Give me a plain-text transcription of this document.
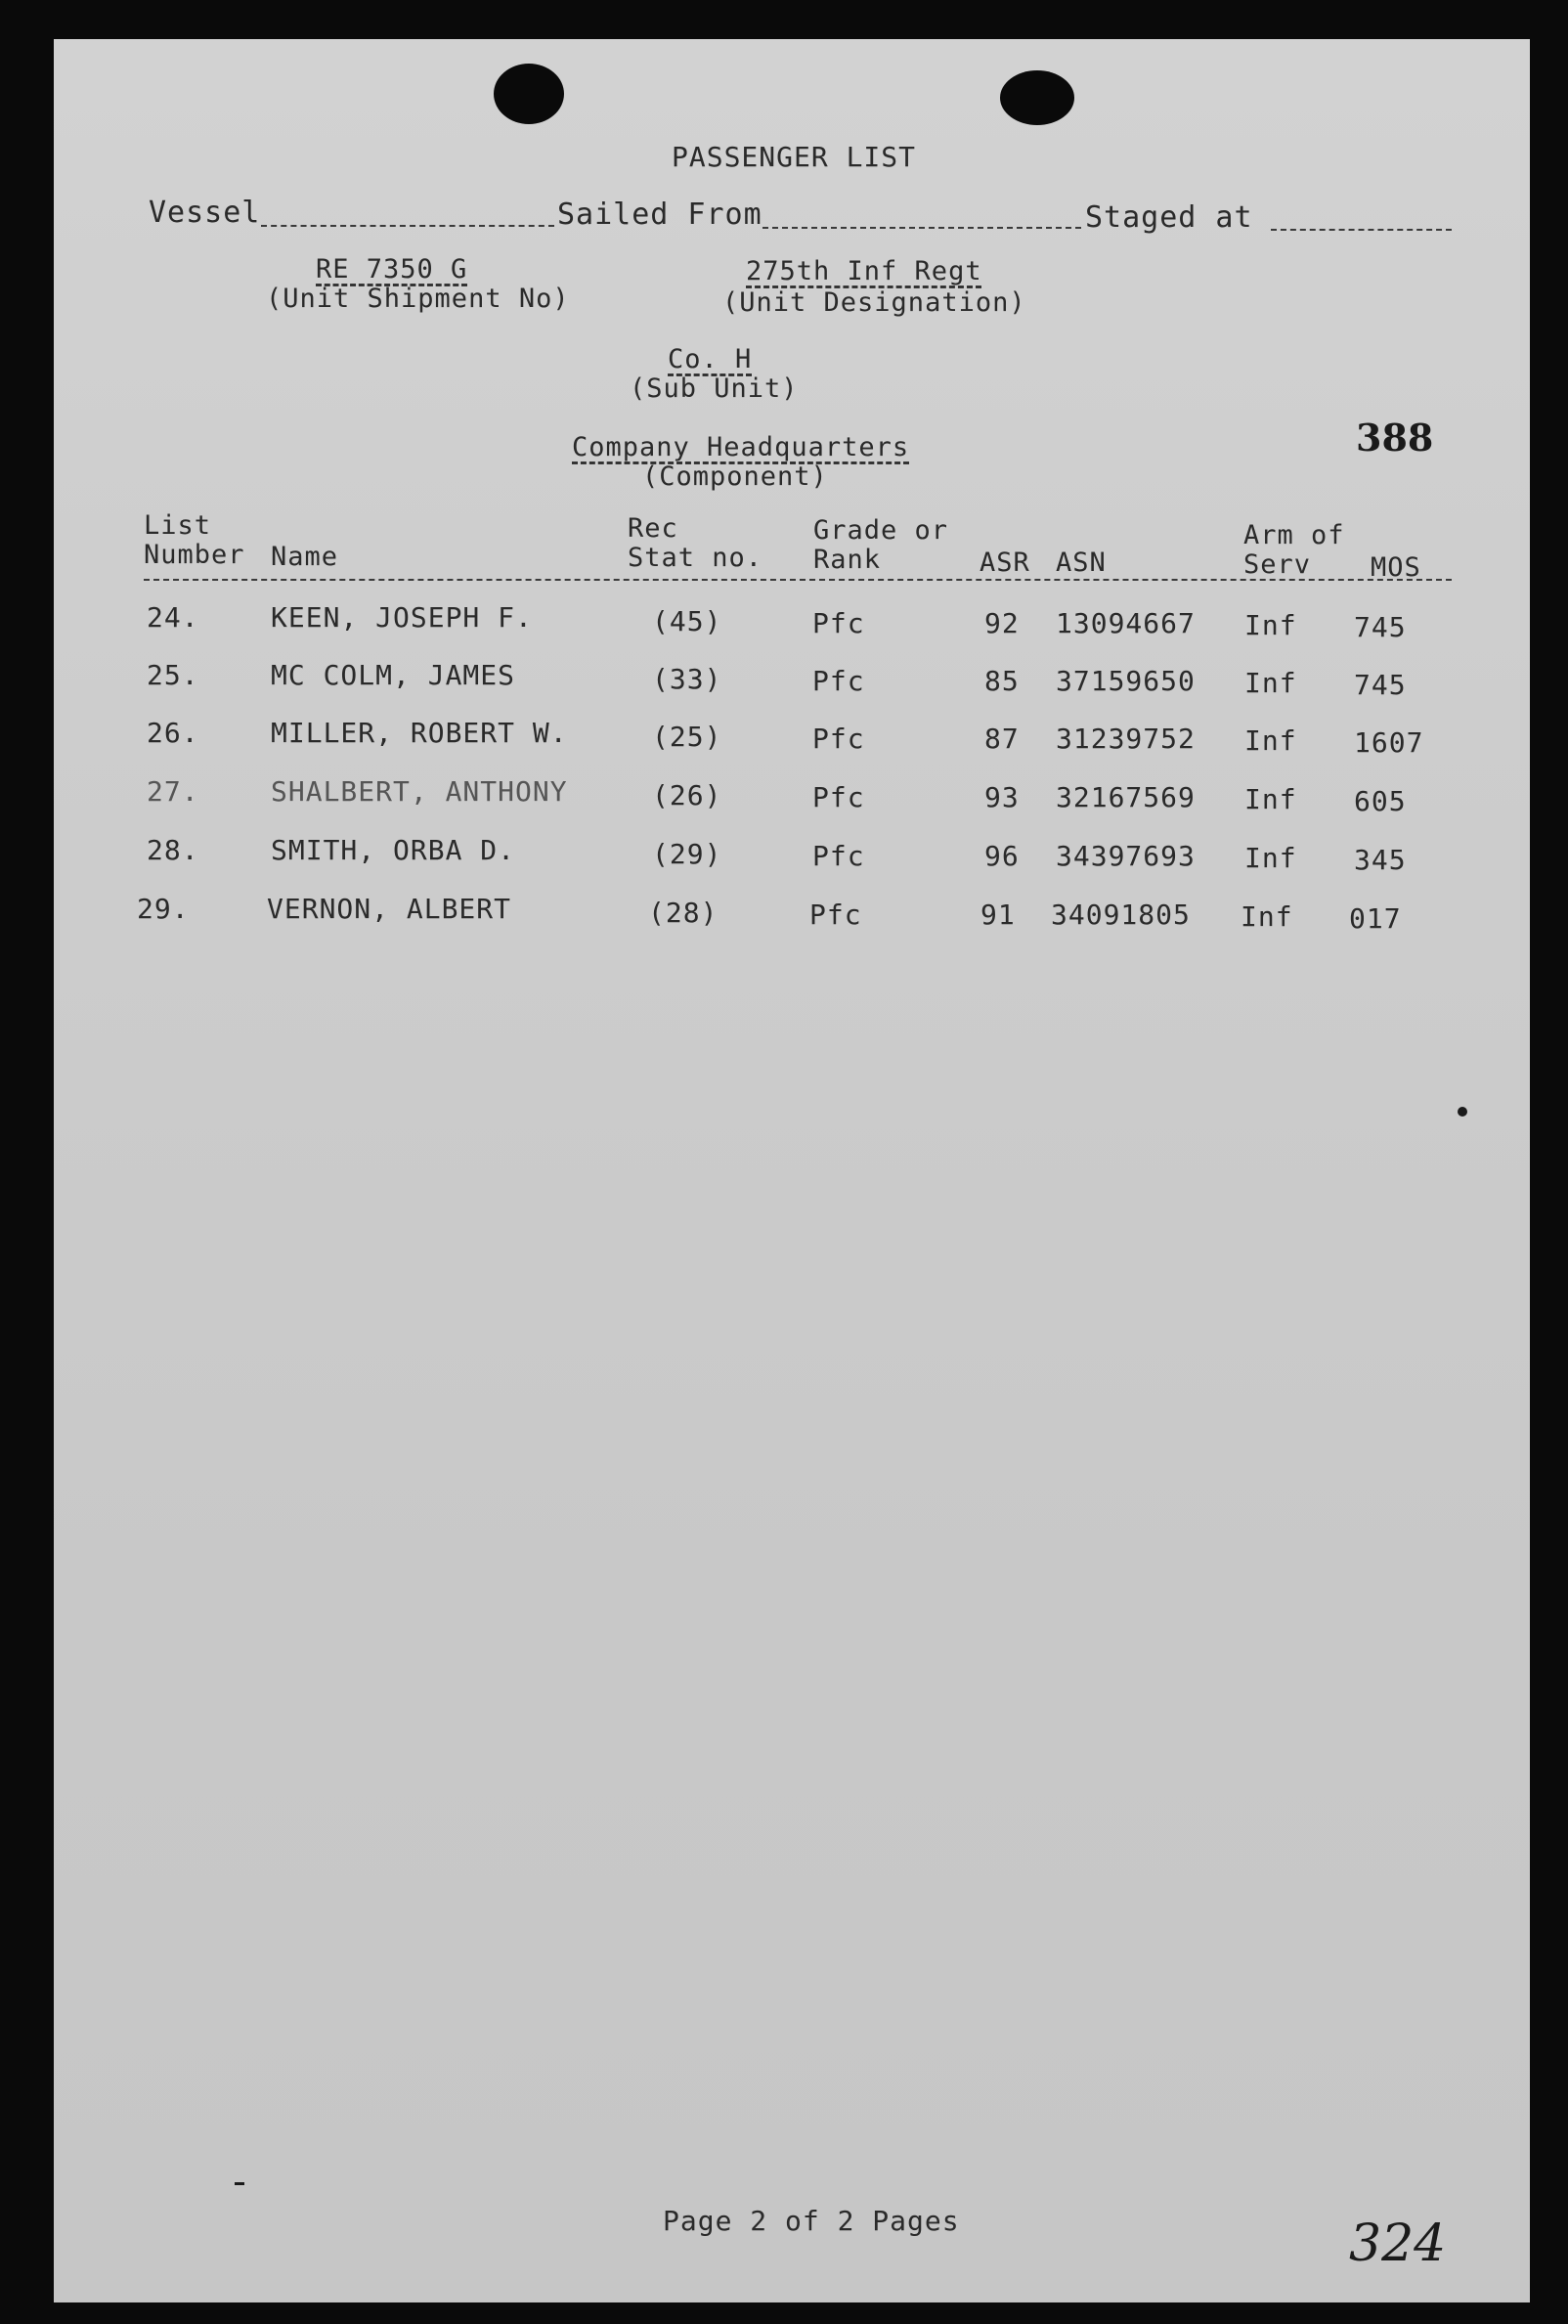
PASSENGER LIST
Vessel	Sailed From	Staged at
RE 7350 G
(Unit Shipment No)
275th Inf Regt
(Unit Designation)
Co. H
(Sub Unit)
Company Headquarters
(Component)
388
List
Number Name
Rec
Stat no.
Grade or
Rank	ASR ASN
Arm of
Serv MOS
24.	KEEN, JOSEPH F.	(45)	Pfc	92 13094667 Inf 745
25.	MC COLM, JAMES	(33)	Pfc	85 37159650 Inf 745
26.	MILLER, ROBERT W.	(25)	Pfc	87 31239752 Inf 1607
27.	SHALBERT, ANTHONY	(26)	Pfc	93 32167569 Inf 605
28.	SMITH, ORBA D.	(29)	Pfc	96 34397693 Inf 345
29.	VERNON, ALBERT	(28)	Pfc	91 34091805 Inf 017
Page 2 of 2 Pages	324
